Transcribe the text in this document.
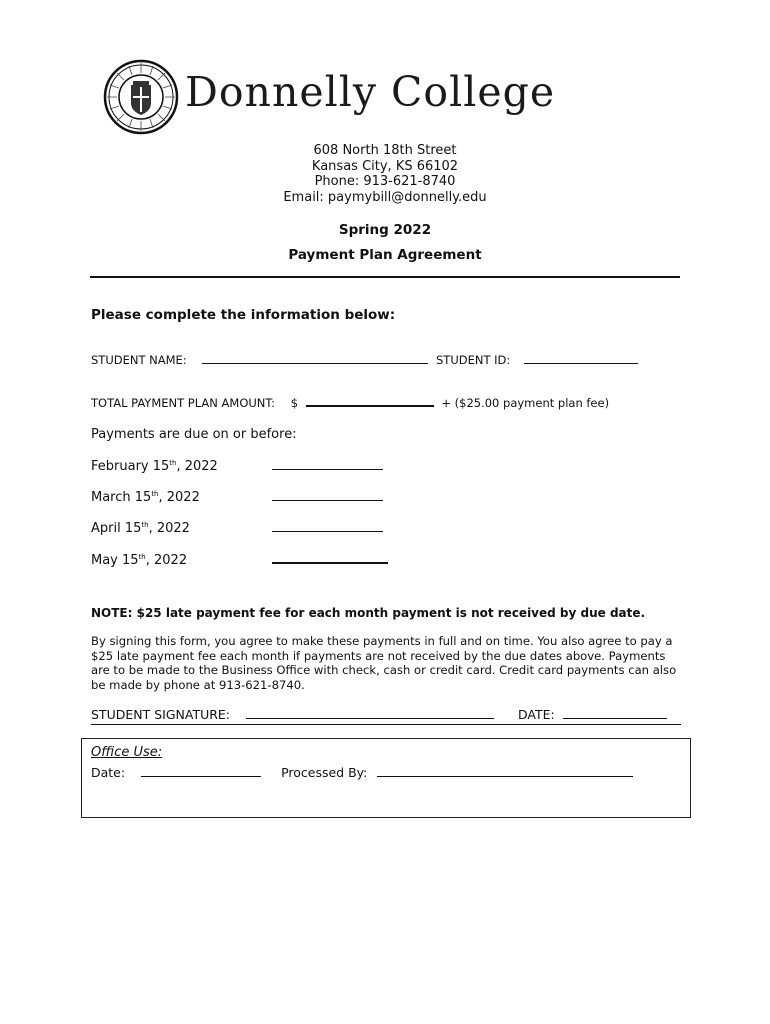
Donnelly College
608 North 18th Street
Kansas City, KS 66102
Phone: 913-621-8740
Email: paymybill@donnelly.edu
Spring 2022
Payment Plan Agreement
Please complete the information below:
STUDENT NAME:	STUDENT ID:
TOTAL PAYMENT PLAN AMOUNT: $	+ ($25.00 payment plan fee)
Payments are due on or before:
February 15th, 2022
March 15th, 2022
April 15th, 2022
May 15th, 2022
NOTE: $25 late payment fee for each month payment is not received by due date.
By signing this form, you agree to make these payments in full and on time. You also agree to pay a $25 late payment fee each month if payments are not received by the due dates above. Payments are to be made to the Business Office with check, cash or credit card. Credit card payments can also be made by phone at 913-621-8740.
STUDENT SIGNATURE:	DATE:
Office Use:
Date:	Processed By:
